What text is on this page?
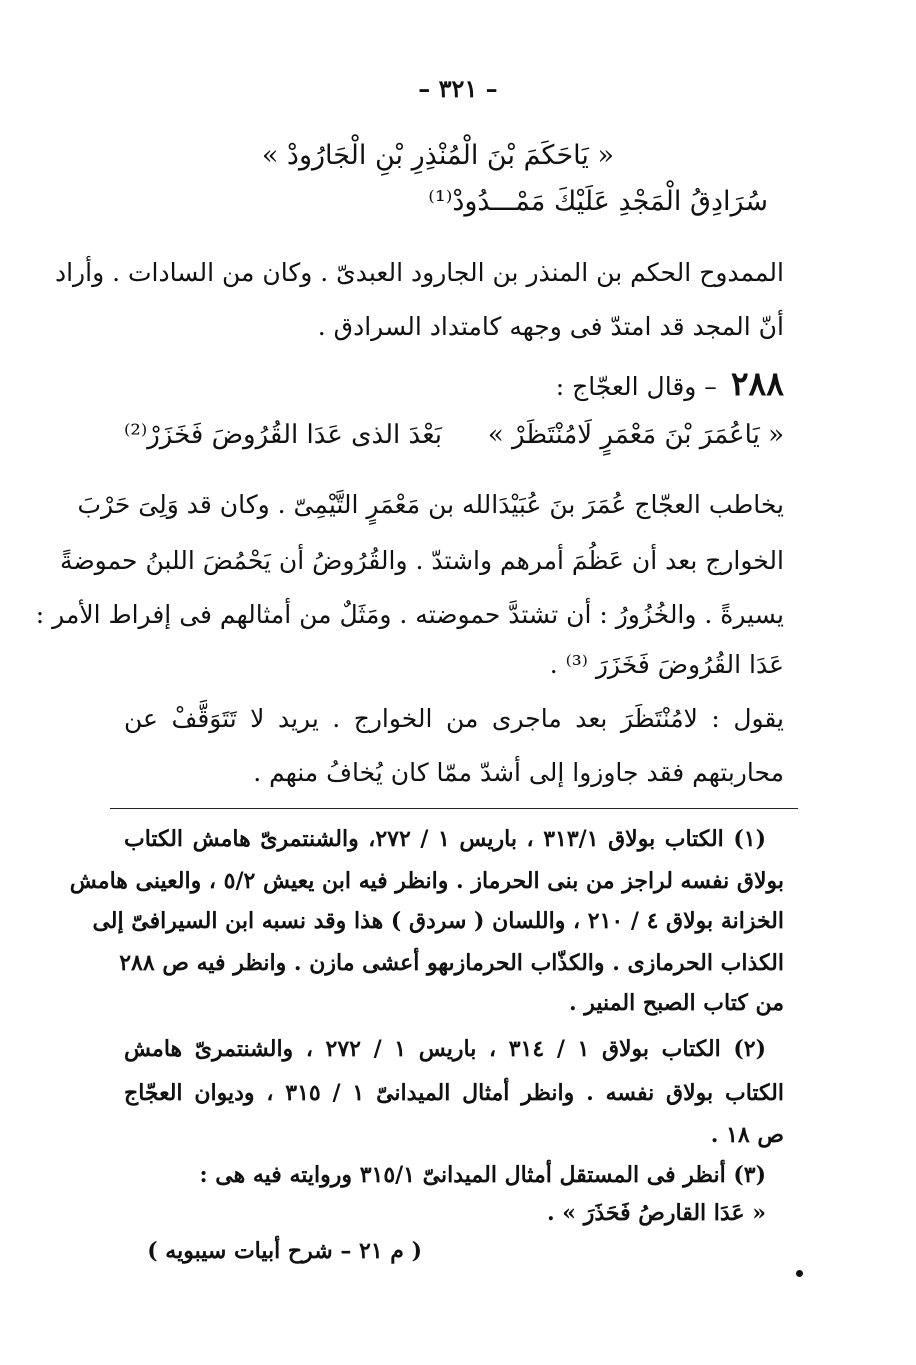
– ٣٢١ –
« يَاحَكَمَ بْنَ الْمُنْذِرِ بْنِ الْجَارُودْ »
سُرَادِقُ الْمَجْدِ عَلَيْكَ مَمْـــدُودْ⁽¹⁾
الممدوح الحكم بن المنذر بن الجارود العبدىّ . وكان من السادات . وأراد
أنّ المجد قد امتدّ فى وجهه كامتداد السرادق .
٢٨٨– وقال العجّاج :
« يَاعُمَرَ بْنَ مَعْمَرٍ لَامُنْتَظَرْ »
بَعْدَ الذى عَدَا القُرُوضَ فَخَزَرْ⁽²⁾
يخاطب العجّاج عُمَرَ بنَ عُبَيْدَالله بن مَعْمَرٍ التَّيْمِىّ . وكان قد وَلِىَ حَرْبَ
الخوارج بعد أن عَظُمَ أمرهم واشتدّ . والقُرُوضُ أن يَحْمُضَ اللبنُ حموضةً
يسيرةً . والخُزُورُ : أن تشتدَّ حموضته . ومَثَلٌ من أمثالهم فى إفراط الأمر :
عَدَا القُرُوضَ فَخَزَرَ ⁽³⁾ .
يقول : لامُنْتَظَرَ بعد ماجرى من الخوارج . يريد لا تَتَوَقَّفْ عن
محاربتهم فقد جاوزوا إلى أشدّ ممّا كان يُخافُ منهم .
(١) الكتاب بولاق ٣١٣/١ ، باريس ١ / ٢٧٢، والشنتمرىّ هامش الكتاب
بولاق نفسه لراجز من بنى الحرماز . وانظر فيه ابن يعيش ٥/٢ ، والعينى هامش
الخزانة بولاق ٤ / ٢١٠ ، واللسان ( سردق ) هذا وقد نسبه ابن السيرافىّ إلى
الكذاب الحرمازى . والكذّاب الحرمازىهو أعشى مازن . وانظر فيه ص ٢٨٨
من كتاب الصبح المنير .
(٢) الكتاب بولاق ١ / ٣١٤ ، باريس ١ / ٢٧٢ ، والشنتمرىّ هامش
الكتاب بولاق نفسه . وانظر أمثال الميدانىّ ١ / ٣١٥ ، وديوان العجّاج
ص ١٨ .
(٣) أنظر فى المستقل أمثال الميدانىّ ٣١٥/١ وروايته فيه هى :
« عَدَا القارصُ فَحَذَرَ » .
( م ٢١ – شرح أبيات سيبويه )
